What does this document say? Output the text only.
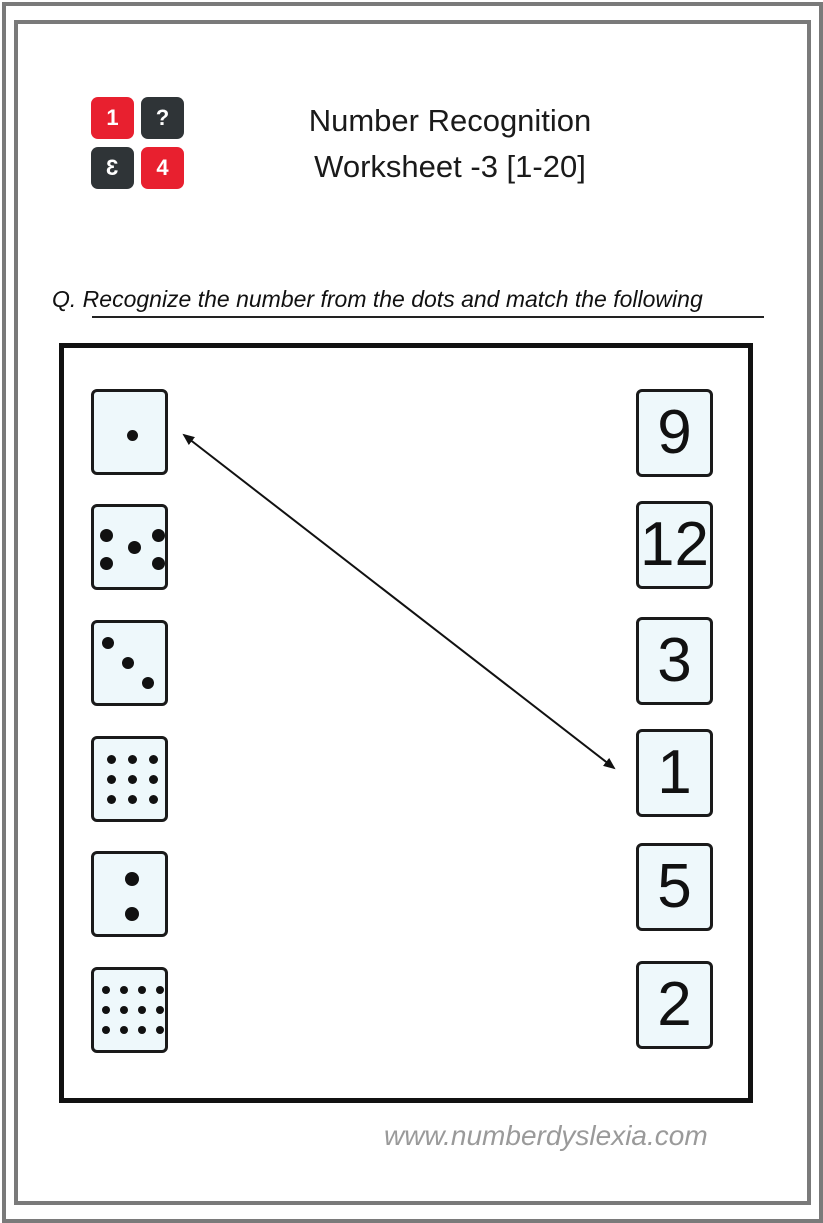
1 ?
3 4
Number Recognition
Worksheet -3 [1-20]
Q. Recognize the number from the dots and match the following
9
12
3
1
5
2
www.numberdyslexia.com
